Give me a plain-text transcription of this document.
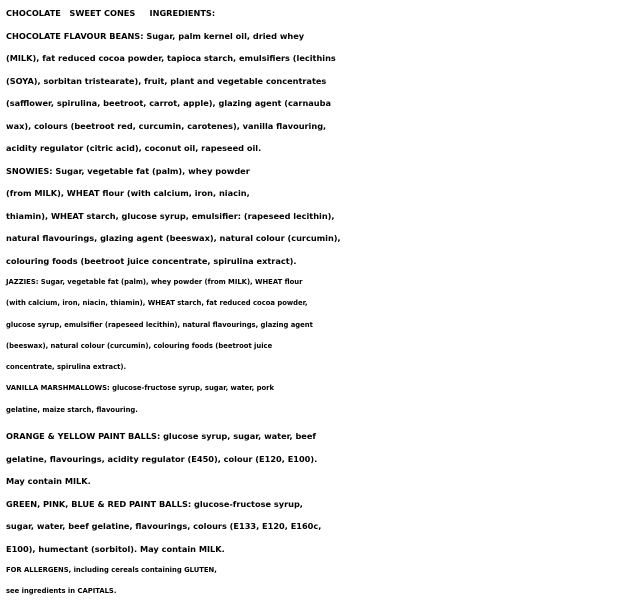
CHOCOLATE   SWEET CONES     INGREDIENTS:
CHOCOLATE FLAVOUR BEANS: Sugar, palm kernel oil, dried whey
(MILK), fat reduced cocoa powder, tapioca starch, emulsifiers (lecithins
(SOYA), sorbitan tristearate), fruit, plant and vegetable concentrates
(safflower, spirulina, beetroot, carrot, apple), glazing agent (carnauba
wax), colours (beetroot red, curcumin, carotenes), vanilla flavouring,
acidity regulator (citric acid), coconut oil, rapeseed oil.
SNOWIES: Sugar, vegetable fat (palm), whey powder
(from MILK), WHEAT flour (with calcium, iron, niacin,
thiamin), WHEAT starch, glucose syrup, emulsifier: (rapeseed lecithin),
natural flavourings, glazing agent (beeswax), natural colour (curcumin),
colouring foods (beetroot juice concentrate, spirulina extract).
JAZZIES: Sugar, vegetable fat (palm), whey powder (from MILK), WHEAT flour
(with calcium, iron, niacin, thiamin), WHEAT starch, fat reduced cocoa powder,
glucose syrup, emulsifier (rapeseed lecithin), natural flavourings, glazing agent
(beeswax), natural colour (curcumin), colouring foods (beetroot juice
concentrate, spirulina extract).
VANILLA MARSHMALLOWS: glucose-fructose syrup, sugar, water, pork
gelatine, maize starch, flavouring.
ORANGE & YELLOW PAINT BALLS: glucose syrup, sugar, water, beef
gelatine, flavourings, acidity regulator (E450), colour (E120, E100).
May contain MILK.
GREEN, PINK, BLUE & RED PAINT BALLS: glucose-fructose syrup,
sugar, water, beef gelatine, flavourings, colours (E133, E120, E160c,
E100), humectant (sorbitol). May contain MILK.
FOR ALLERGENS, including cereals containing GLUTEN,
see ingredients in CAPITALS.
